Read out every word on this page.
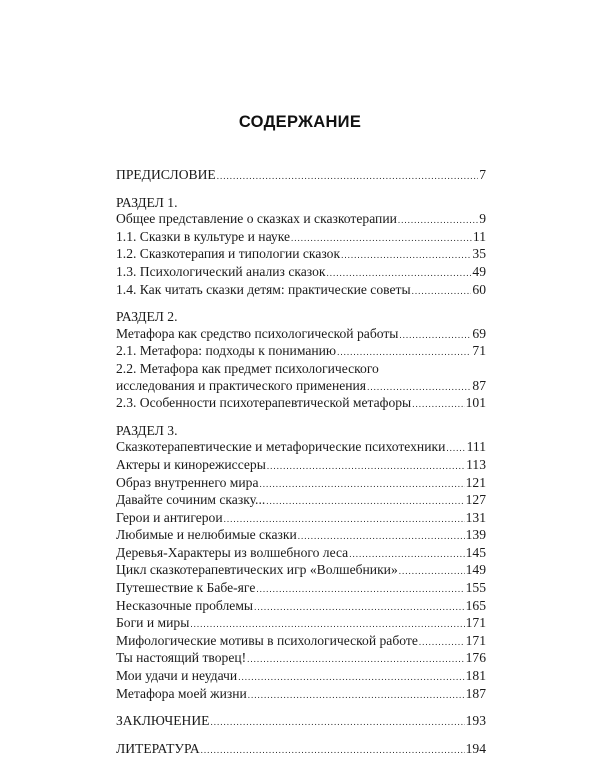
СОДЕРЖАНИЕ
ПРЕДИСЛОВИЕ .....	7
РАЗДЕЛ 1.
Общее представление о сказках и сказкотерапии .....	9
1.1. Сказки в культуре и науке .....	11
1.2. Сказкотерапия и типологии сказок .....	35
1.3. Психологический анализ сказок .....	49
1.4. Как читать сказки детям: практические советы .....	60
РАЗДЕЛ 2.
Метафора как средство психологической работы .....	69
2.1. Метафора: подходы к пониманию .....	71
2.2. Метафора как предмет психологического
исследования и практического применения .....	87
2.3. Особенности психотерапевтической метафоры .....	101
РАЗДЕЛ 3.
Сказкотерапевтические и метафорические психотехники ..... 111
Актеры и кинорежиссеры .....	113
Образ внутреннего мира .....	121
Давайте сочиним сказку... .....	127
Герои и антигерои .....	131
Любимые и нелюбимые сказки .....	139
Деревья-Характеры из волшебного леса .....	145
Цикл сказкотерапевтических игр «Волшебники» .....	149
Путешествие к Бабе-яге .....	155
Несказочные проблемы .....	165
Боги и миры .....	171
Мифологические мотивы в психологической работе .....	171
Ты настоящий творец! .....	176
Мои удачи и неудачи .....	181
Метафора моей жизни .....	187
ЗАКЛЮЧЕНИЕ .....	193
ЛИТЕРАТУРА .....	194
